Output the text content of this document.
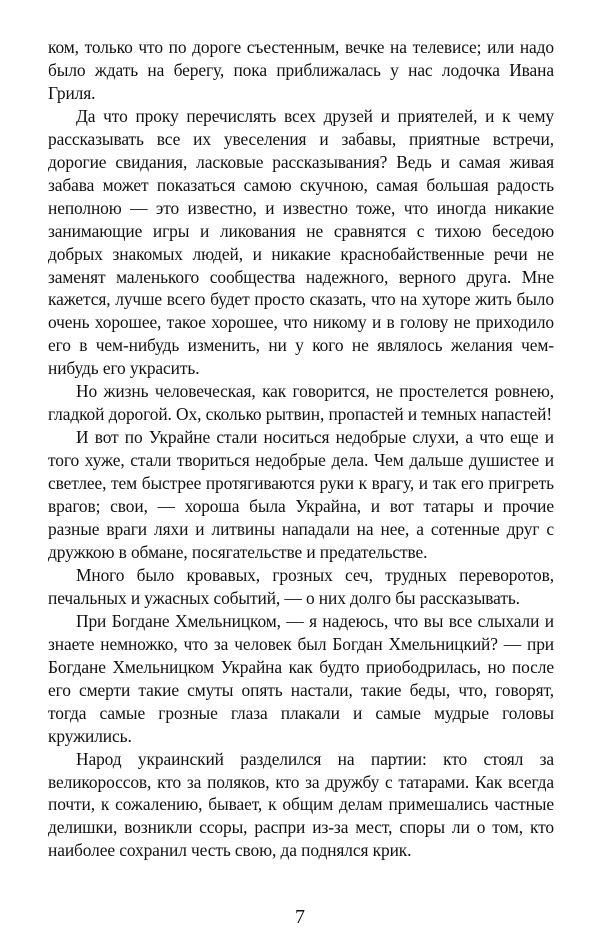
ком, только что по дороге съестенным, вечке на телевисе; или надо было ждать на берегу, пока приближалась у нас лодочка Ивана Гриля.

Да что проку перечислять всех друзей и приятелей, и к чему рассказывать все их увеселения и забавы, приятные встречи, дорогие свидания, ласковые рассказывания? Ведь и самая живая забава может показаться самою скучною, самая большая радость неполною — это известно, и известно тоже, что иногда никакие занимающие игры и ликования не сравнятся с тихою беседою добрых знакомых людей, и никакие краснобайственные речи не заменят маленького сообщества надежного, верного друга. Мне кажется, лучше всего будет просто сказать, что на хуторе жить было очень хорошее, такое хорошее, что никому и в голову не приходило его в чем-нибудь изменить, ни у кого не являлось желания чем-нибудь его украсить.

Но жизнь человеческая, как говорится, не простелется ровнею, гладкой дорогой. Ох, сколько рытвин, пропастей и темных напастей!

И вот по Украйне стали носиться недобрые слухи, а что еще и того хуже, стали твориться недобрые дела. Чем дальше душистее и светлее, тем быстрее протягиваются руки к врагу, и так его пригреть врагов; свои, — хороша была Украйна, и вот татары и прочие разные враги ляхи и литвины нападали на нее, а сотенные друг с дружкою в обмане, посягательстве и предательстве.

Много было кровавых, грозных сеч, трудных переворотов, печальных и ужасных событий, — о них долго бы рассказывать.

При Богдане Хмельницком, — я надеюсь, что вы все слыхали и знаете немножко, что за человек был Богдан Хмельницкий? — при Богдане Хмельницком Украйна как будто приободрилась, но после его смерти такие смуты опять настали, такие беды, что, говорят, тогда самые грозные глаза плакали и самые мудрые головы кружились.

Народ украинский разделился на партии: кто стоял за великороссов, кто за поляков, кто за дружбу с татарами. Как всегда почти, к сожалению, бывает, к общим делам примешались частные делишки, возникли ссоры, распри из-за мест, споры ли о том, кто наиболее сохранил честь свою, да поднялся крик.

7
